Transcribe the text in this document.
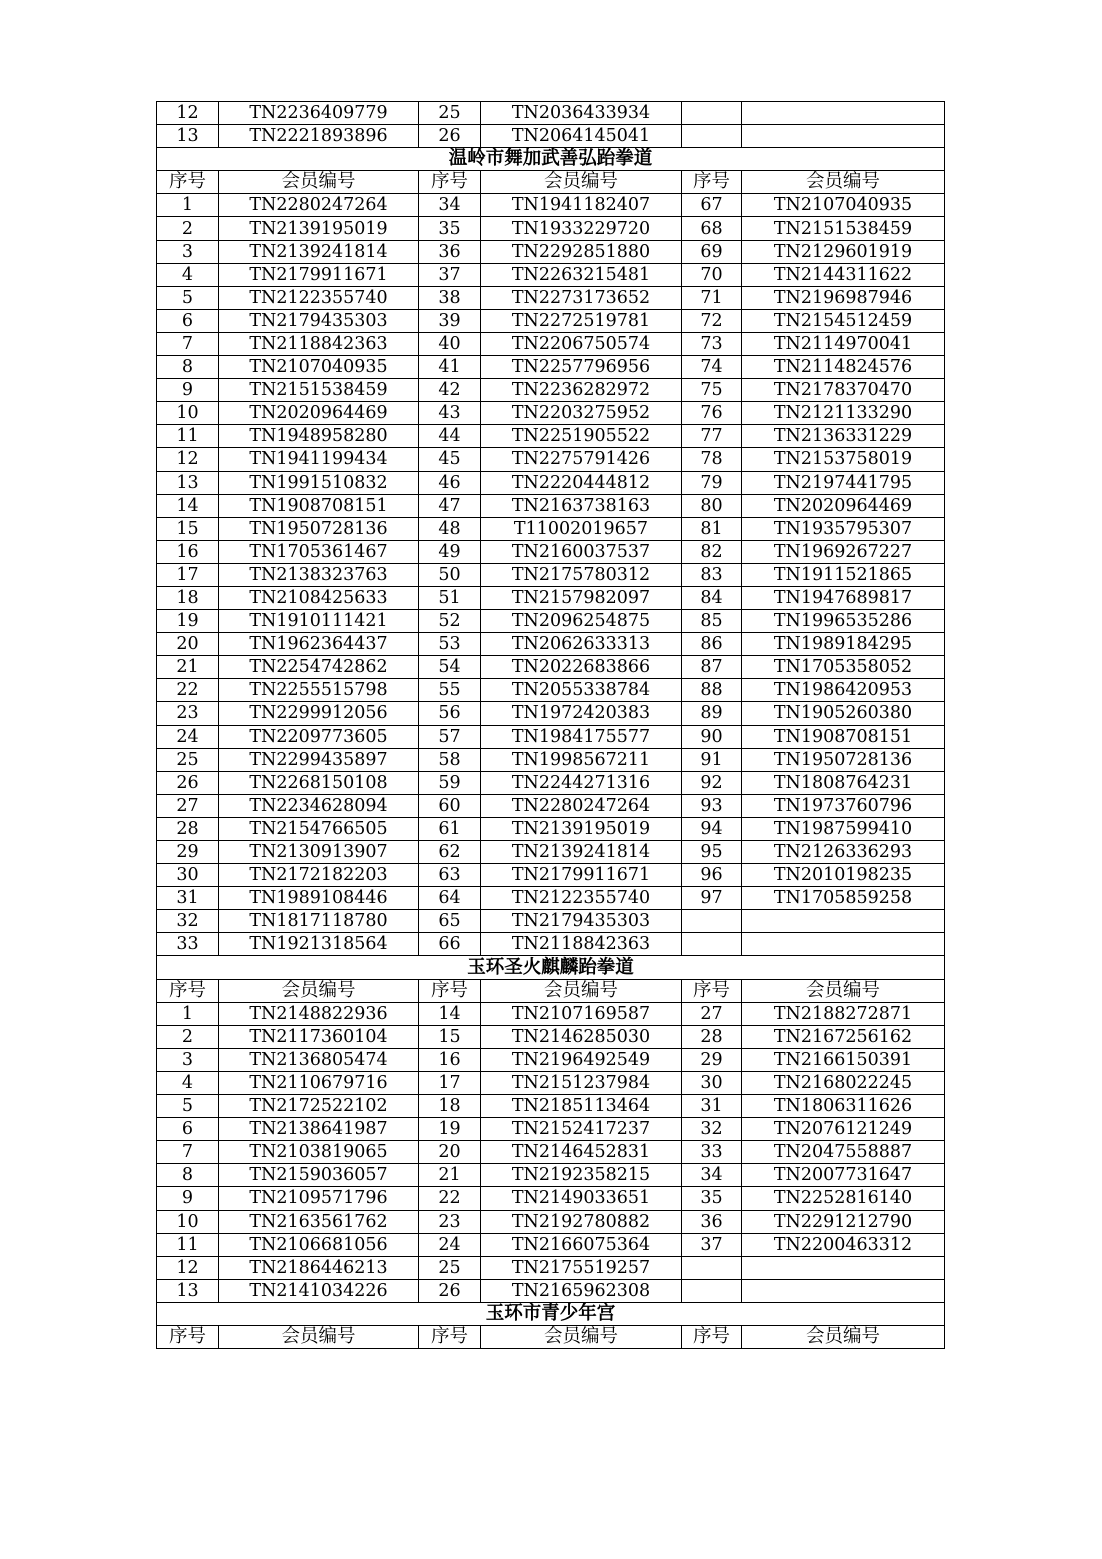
12	TN2236409779	25	TN2036433934		
13	TN2221893896	26	TN2064145041		
温岭市舞加武善弘跆拳道					
序号	会员编号	序号	会员编号	序号	会员编号
1	TN2280247264	34	TN1941182407	67	TN2107040935
2	TN2139195019	35	TN1933229720	68	TN2151538459
3	TN2139241814	36	TN2292851880	69	TN2129601919
4	TN2179911671	37	TN2263215481	70	TN2144311622
5	TN2122355740	38	TN2273173652	71	TN2196987946
6	TN2179435303	39	TN2272519781	72	TN2154512459
7	TN2118842363	40	TN2206750574	73	TN2114970041
8	TN2107040935	41	TN2257796956	74	TN2114824576
9	TN2151538459	42	TN2236282972	75	TN2178370470
10	TN2020964469	43	TN2203275952	76	TN2121133290
11	TN1948958280	44	TN2251905522	77	TN2136331229
12	TN1941199434	45	TN2275791426	78	TN2153758019
13	TN1991510832	46	TN2220444812	79	TN2197441795
14	TN1908708151	47	TN2163738163	80	TN2020964469
15	TN1950728136	48	T11002019657	81	TN1935795307
16	TN1705361467	49	TN2160037537	82	TN1969267227
17	TN2138323763	50	TN2175780312	83	TN1911521865
18	TN2108425633	51	TN2157982097	84	TN1947689817
19	TN1910111421	52	TN2096254875	85	TN1996535286
20	TN1962364437	53	TN2062633313	86	TN1989184295
21	TN2254742862	54	TN2022683866	87	TN1705358052
22	TN2255515798	55	TN2055338784	88	TN1986420953
23	TN2299912056	56	TN1972420383	89	TN1905260380
24	TN2209773605	57	TN1984175577	90	TN1908708151
25	TN2299435897	58	TN1998567211	91	TN1950728136
26	TN2268150108	59	TN2244271316	92	TN1808764231
27	TN2234628094	60	TN2280247264	93	TN1973760796
28	TN2154766505	61	TN2139195019	94	TN1987599410
29	TN2130913907	62	TN2139241814	95	TN2126336293
30	TN2172182203	63	TN2179911671	96	TN2010198235
31	TN1989108446	64	TN2122355740	97	TN1705859258
32	TN1817118780	65	TN2179435303		
33	TN1921318564	66	TN2118842363		
玉环圣火麒麟跆拳道					
序号	会员编号	序号	会员编号	序号	会员编号
1	TN2148822936	14	TN2107169587	27	TN2188272871
2	TN2117360104	15	TN2146285030	28	TN2167256162
3	TN2136805474	16	TN2196492549	29	TN2166150391
4	TN2110679716	17	TN2151237984	30	TN2168022245
5	TN2172522102	18	TN2185113464	31	TN1806311626
6	TN2138641987	19	TN2152417237	32	TN2076121249
7	TN2103819065	20	TN2146452831	33	TN2047558887
8	TN2159036057	21	TN2192358215	34	TN2007731647
9	TN2109571796	22	TN2149033651	35	TN2252816140
10	TN2163561762	23	TN2192780882	36	TN2291212790
11	TN2106681056	24	TN2166075364	37	TN2200463312
12	TN2186446213	25	TN2175519257		
13	TN2141034226	26	TN2165962308		
玉环市青少年宫					
序号	会员编号	序号	会员编号	序号	会员编号
